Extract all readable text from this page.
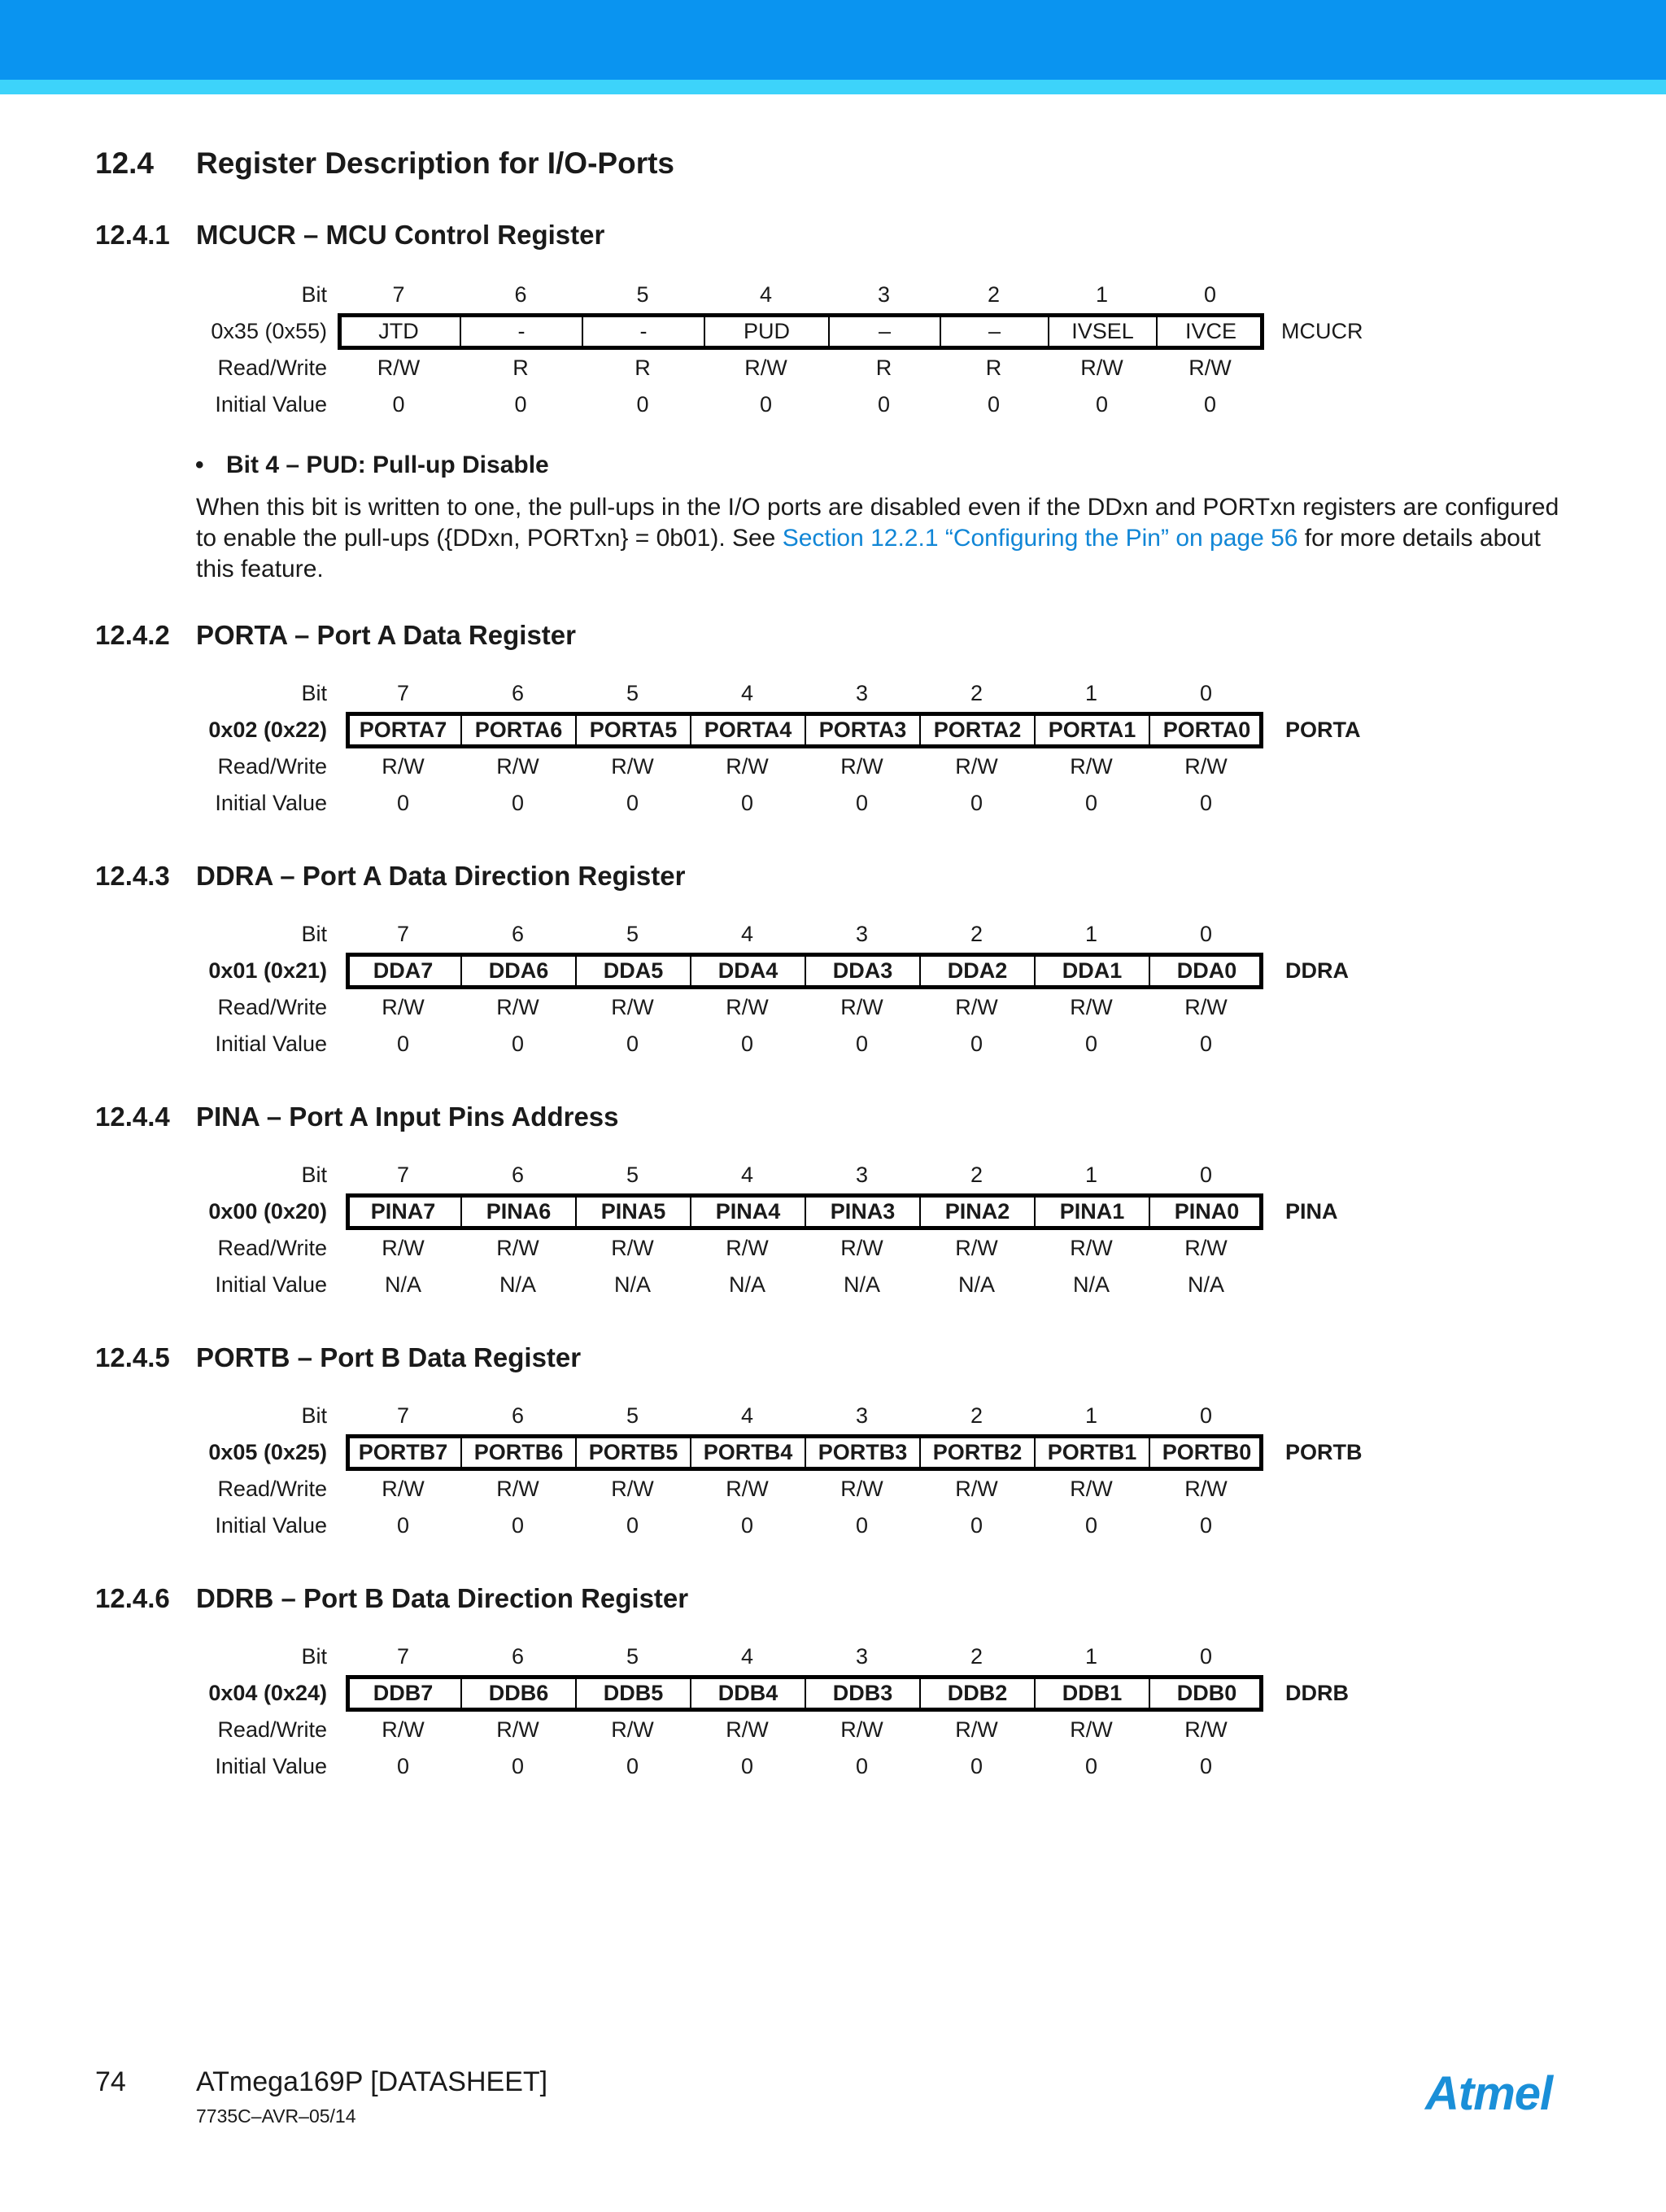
12.4 Register Description for I/O-Ports
12.4.1 MCUCR – MCU Control Register
Bit	7	6	5	4	3	2	1	0
0x35 (0x55)	JTD	-	-	PUD	–	–	IVSEL	IVCE	MCUCR
Read/Write	R/W	R	R	R/W	R	R	R/W	R/W
Initial Value	0	0	0	0	0	0	0	0
12.4.2 PORTA – Port A Data Register
Bit	7	6	5	4	3	2	1	0
0x02 (0x22)	PORTA7	PORTA6	PORTA5	PORTA4	PORTA3	PORTA2	PORTA1	PORTA0	PORTA
Read/Write	R/W	R/W	R/W	R/W	R/W	R/W	R/W	R/W
Initial Value	0	0	0	0	0	0	0	0
12.4.3 DDRA – Port A Data Direction Register
Bit	7	6	5	4	3	2	1	0
0x01 (0x21)	DDA7	DDA6	DDA5	DDA4	DDA3	DDA2	DDA1	DDA0	DDRA
Read/Write	R/W	R/W	R/W	R/W	R/W	R/W	R/W	R/W
Initial Value	0	0	0	0	0	0	0	0
12.4.4 PINA – Port A Input Pins Address
Bit	7	6	5	4	3	2	1	0
0x00 (0x20)	PINA7	PINA6	PINA5	PINA4	PINA3	PINA2	PINA1	PINA0	PINA
Read/Write	R/W	R/W	R/W	R/W	R/W	R/W	R/W	R/W
Initial Value	N/A	N/A	N/A	N/A	N/A	N/A	N/A	N/A
12.4.5 PORTB – Port B Data Register
Bit	7	6	5	4	3	2	1	0
0x05 (0x25)	PORTB7	PORTB6	PORTB5	PORTB4	PORTB3	PORTB2	PORTB1	PORTB0	PORTB
Read/Write	R/W	R/W	R/W	R/W	R/W	R/W	R/W	R/W
Initial Value	0	0	0	0	0	0	0	0
12.4.6 DDRB – Port B Data Direction Register
Bit	7	6	5	4	3	2	1	0
0x04 (0x24)	DDB7	DDB6	DDB5	DDB4	DDB3	DDB2	DDB1	DDB0	DDRB
Read/Write	R/W	R/W	R/W	R/W	R/W	R/W	R/W	R/W
Initial Value	0	0	0	0	0	0	0	0
• Bit 4 – PUD: Pull-up Disable
When this bit is written to one, the pull-ups in the I/O ports are disabled even if the DDxn and PORTxn registers are configured to enable the pull-ups ({DDxn, PORTxn} = 0b01). See Section 12.2.1 “Configuring the Pin” on page 56 for more details about this feature.
74	ATmega169P [DATASHEET]
7735C–AVR–05/14	Atmel
